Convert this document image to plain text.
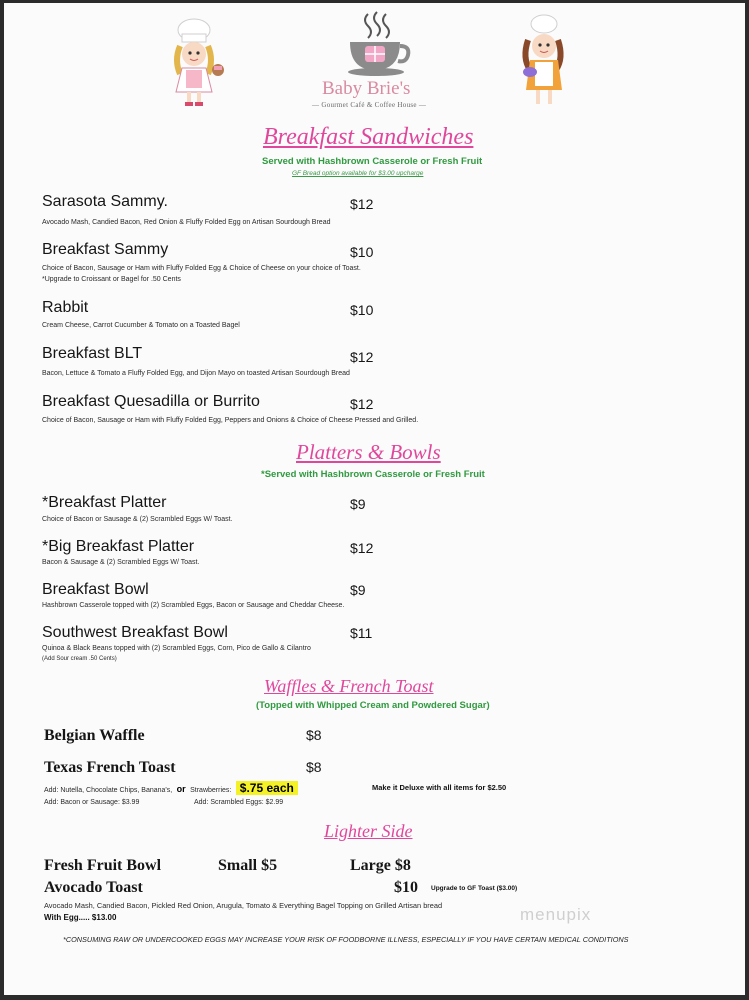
Baby Brie's
— Gourmet Café & Coffee House —
Breakfast Sandwiches
Served with Hashbrown Casserole or Fresh Fruit
GF Bread option available for $3.00 upcharge
Sarasota Sammy.	$12
Avocado Mash, Candied Bacon, Red Onion & Fluffy Folded Egg on Artisan Sourdough Bread
Breakfast Sammy	$10
Choice of Bacon, Sausage or Ham with Fluffy Folded Egg & Choice of Cheese on your choice of Toast.
*Upgrade to Croissant or Bagel for .50 Cents
Rabbit	$10
Cream Cheese, Carrot Cucumber & Tomato on a Toasted Bagel
Breakfast BLT	$12
Bacon, Lettuce & Tomato a Fluffy Folded Egg, and Dijon Mayo on toasted Artisan Sourdough Bread
Breakfast Quesadilla or Burrito	$12
Choice of Bacon, Sausage or Ham with Fluffy Folded Egg, Peppers and Onions & Choice of Cheese Pressed and Grilled.
Platters & Bowls
*Served with Hashbrown Casserole or Fresh Fruit
*Breakfast Platter	$9
Choice of Bacon or Sausage & (2) Scrambled Eggs W/ Toast.
*Big Breakfast Platter	$12
Bacon & Sausage & (2) Scrambled Eggs W/ Toast.
Breakfast Bowl	$9
Hashbrown Casserole topped with (2) Scrambled Eggs, Bacon or Sausage and Cheddar Cheese.
Southwest Breakfast Bowl	$11
Quinoa & Black Beans topped with (2) Scrambled Eggs, Corn, Pico de Gallo & Cilantro
(Add Sour cream .50 Cents)
Waffles & French Toast
(Topped with Whipped Cream and Powdered Sugar)
Belgian Waffle	$8
Texas French Toast	$8
Add: Nutella, Chocolate Chips, Banana's, or Strawberries: $.75 each	Make it Deluxe with all items for $2.50
Add: Bacon or Sausage: $3.99	Add: Scrambled Eggs: $2.99
Lighter Side
Fresh Fruit Bowl	Small $5	Large $8
Avocado Toast	$10 Upgrade to GF Toast ($3.00)
Avocado Mash, Candied Bacon, Pickled Red Onion, Arugula, Tomato & Everything Bagel Topping on Grilled Artisan bread
With Egg..... $13.00	menupix
*CONSUMING RAW OR UNDERCOOKED EGGS MAY INCREASE YOUR RISK OF FOODBORNE ILLNESS, ESPECIALLY IF YOU HAVE CERTAIN MEDICAL CONDITIONS
